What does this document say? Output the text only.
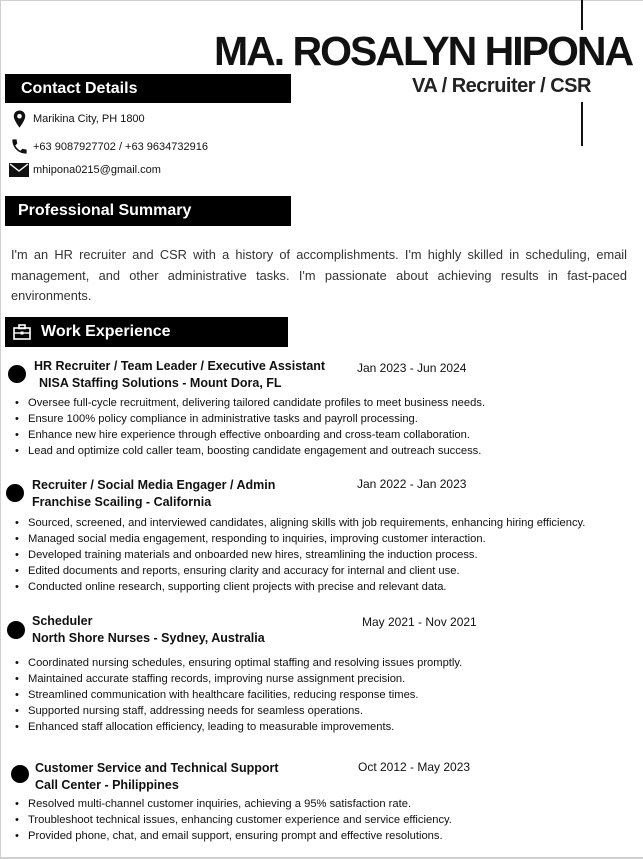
MA. ROSALYN HIPONA
VA / Recruiter / CSR
Contact Details
Marikina City, PH 1800
+63 9087927702 / +63 9634732916
mhipona0215@gmail.com
Professional Summary
I'm an HR recruiter and CSR with a history of accomplishments. I'm highly skilled in scheduling, email management, and other administrative tasks. I'm passionate about achieving results in fast-paced environments.
Work Experience
HR Recruiter / Team Leader / Executive Assistant	Jan 2023 - Jun 2024
NISA Staffing Solutions - Mount Dora, FL
• Oversee full-cycle recruitment, delivering tailored candidate profiles to meet business needs.
• Ensure 100% policy compliance in administrative tasks and payroll processing.
• Enhance new hire experience through effective onboarding and cross-team collaboration.
• Lead and optimize cold caller team, boosting candidate engagement and outreach success.
Recruiter / Social Media Engager / Admin	Jan 2022 - Jan 2023
Franchise Scailing - California
• Sourced, screened, and interviewed candidates, aligning skills with job requirements, enhancing hiring efficiency.
• Managed social media engagement, responding to inquiries, improving customer interaction.
• Developed training materials and onboarded new hires, streamlining the induction process.
• Edited documents and reports, ensuring clarity and accuracy for internal and client use.
• Conducted online research, supporting client projects with precise and relevant data.
Scheduler	May 2021 - Nov 2021
North Shore Nurses - Sydney, Australia
• Coordinated nursing schedules, ensuring optimal staffing and resolving issues promptly.
• Maintained accurate staffing records, improving nurse assignment precision.
• Streamlined communication with healthcare facilities, reducing response times.
• Supported nursing staff, addressing needs for seamless operations.
• Enhanced staff allocation efficiency, leading to measurable improvements.
Customer Service and Technical Support	Oct 2012 - May 2023
Call Center - Philippines
• Resolved multi-channel customer inquiries, achieving a 95% satisfaction rate.
• Troubleshoot technical issues, enhancing customer experience and service efficiency.
• Provided phone, chat, and email support, ensuring prompt and effective resolutions.
